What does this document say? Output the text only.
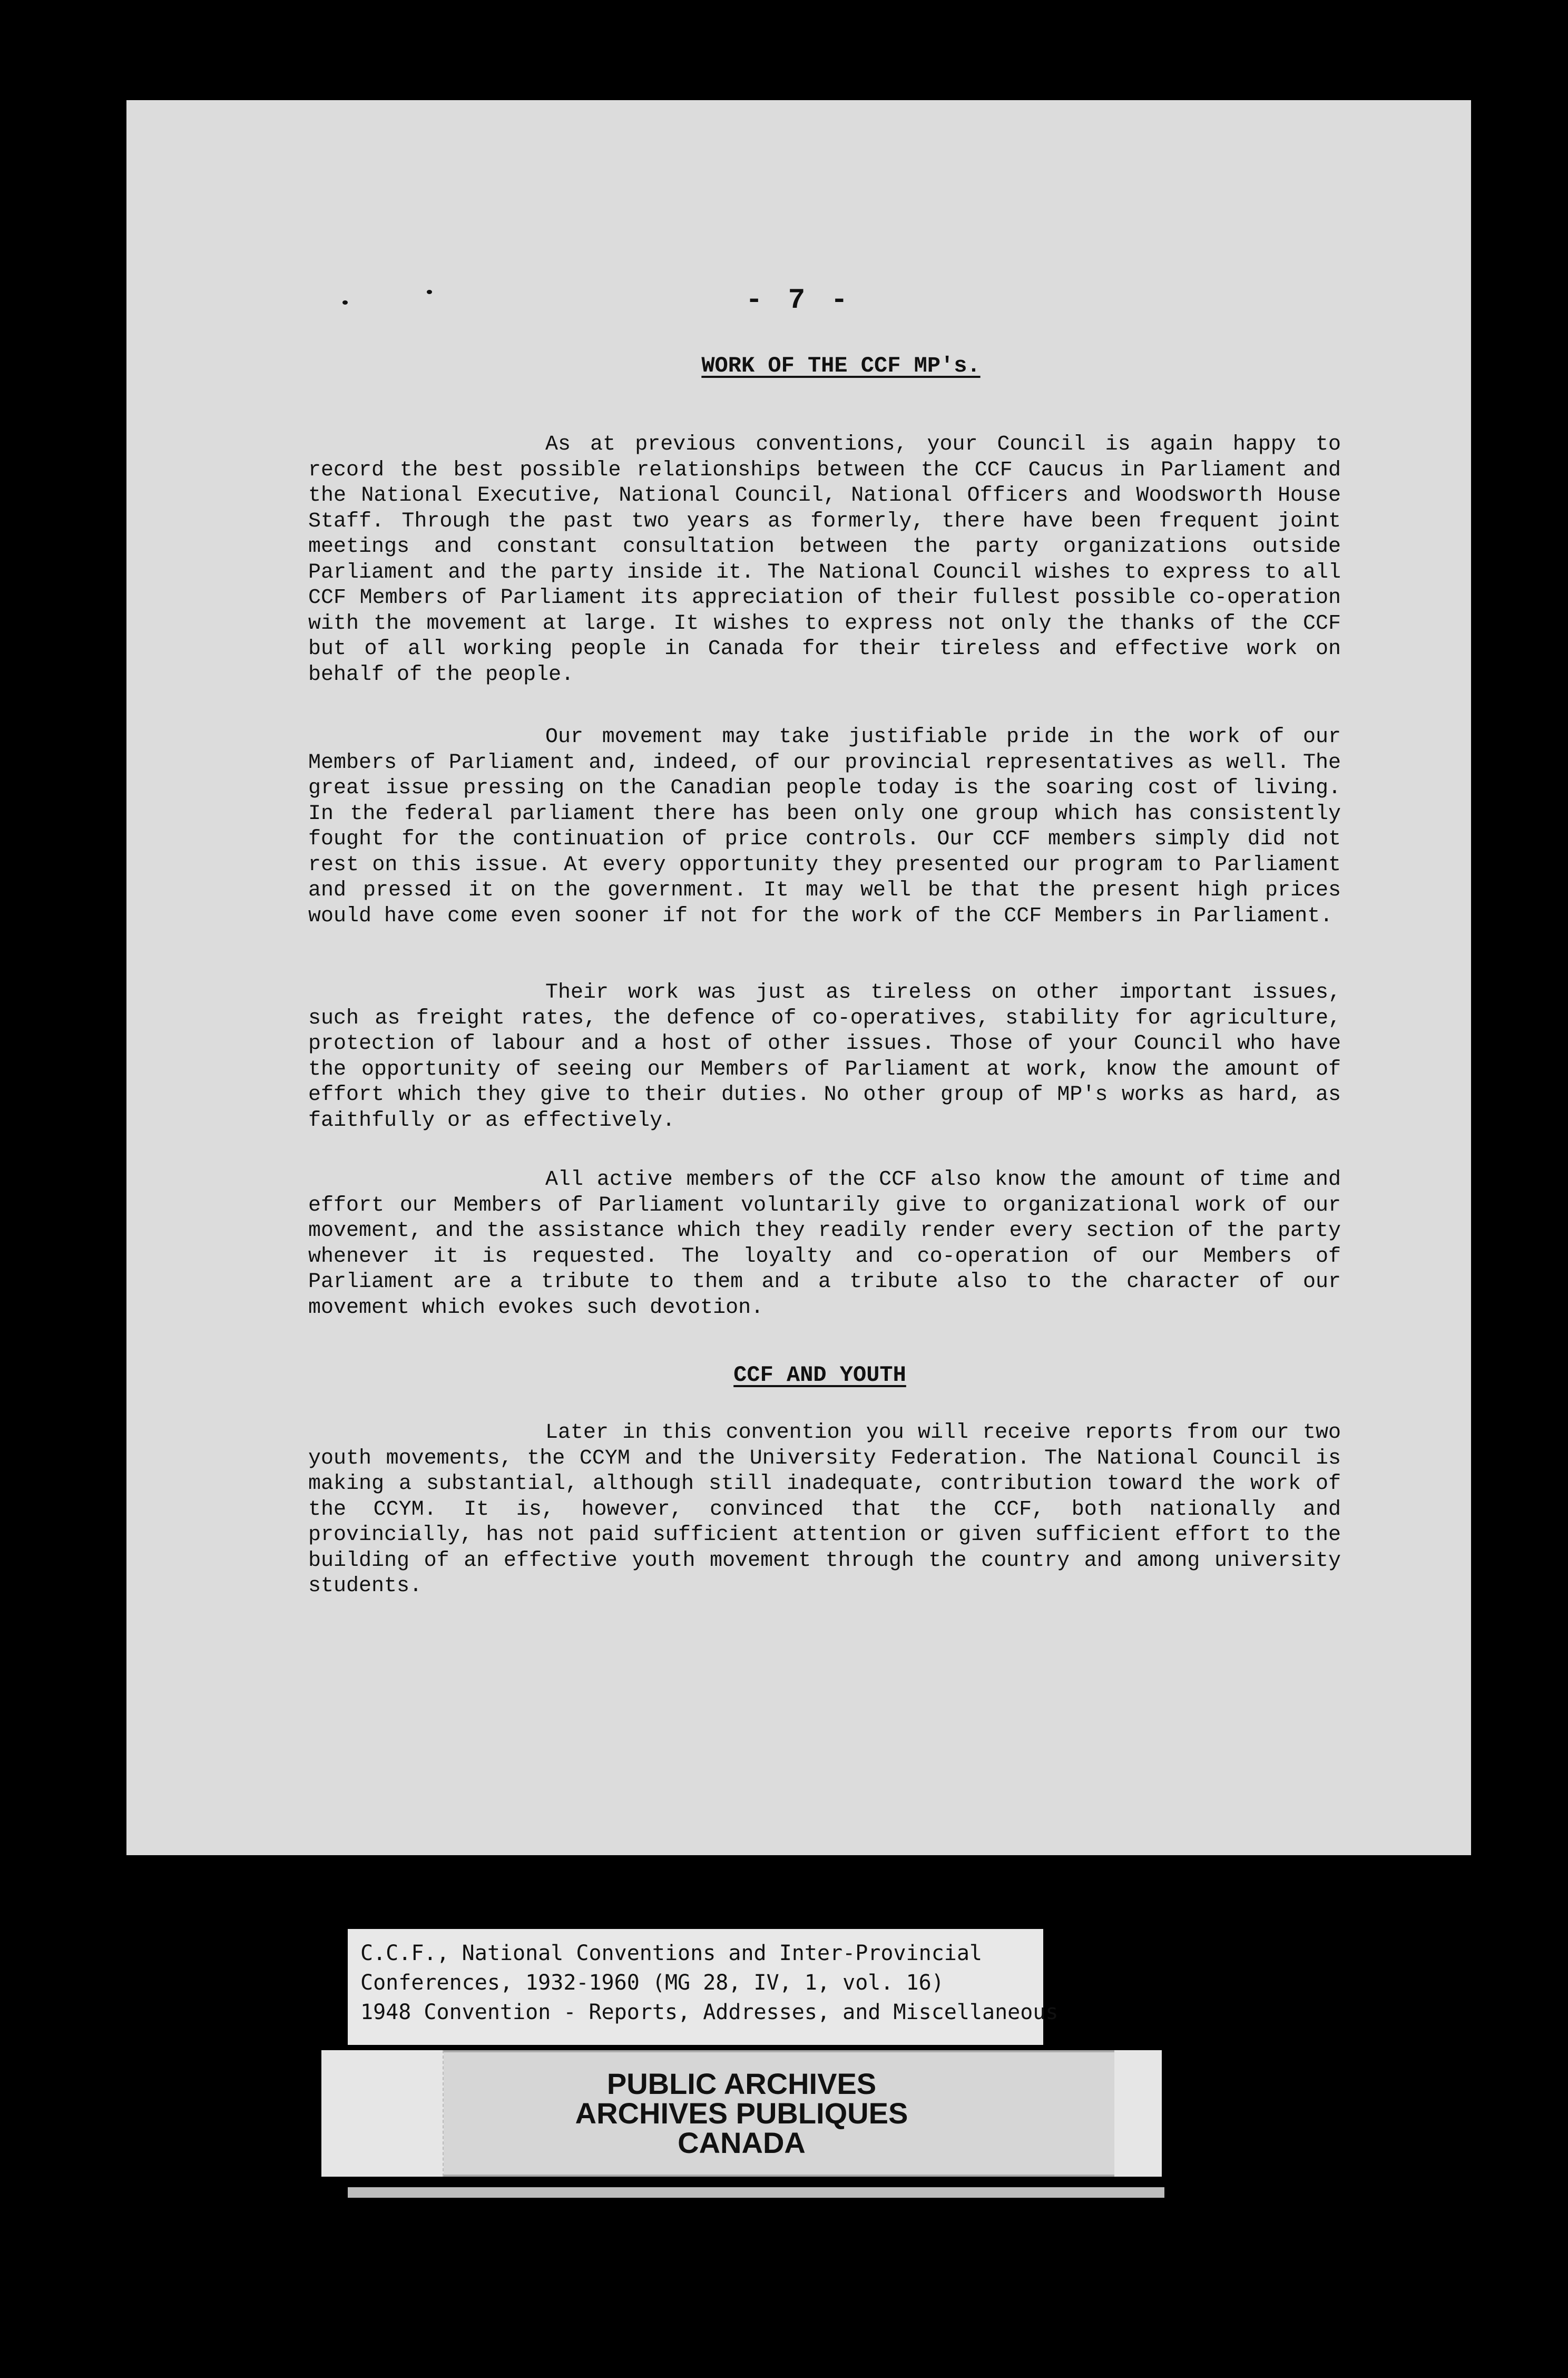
- 7 -
WORK OF THE CCF MP's.

As at previous conventions, your Council is again happy to record the best possible relationships between the CCF Caucus in Parliament and the National Executive, National Council, National Officers and Woodsworth House Staff. Through the past two years as formerly, there have been frequent joint meetings and constant consultation between the party organizations outside Parliament and the party inside it. The National Council wishes to express to all CCF Members of Parliament its appreciation of their fullest possible co-operation with the movement at large. It wishes to express not only the thanks of the CCF but of all working people in Canada for their tireless and effective work on behalf of the people.

Our movement may take justifiable pride in the work of our Members of Parliament and, indeed, of our provincial representatives as well. The great issue pressing on the Canadian people today is the soaring cost of living. In the federal parliament there has been only one group which has consistently fought for the continuation of price controls. Our CCF members simply did not rest on this issue. At every opportunity they presented our program to Parliament and pressed it on the government. It may well be that the present high prices would have come even sooner if not for the work of the CCF Members in Parliament.

Their work was just as tireless on other important issues, such as freight rates, the defence of co-operatives, stability for agriculture, protection of labour and a host of other issues. Those of your Council who have the opportunity of seeing our Members of Parliament at work, know the amount of effort which they give to their duties. No other group of MP's works as hard, as faithfully or as effectively.

All active members of the CCF also know the amount of time and effort our Members of Parliament voluntarily give to organizational work of our movement, and the assistance which they readily render every section of the party whenever it is requested. The loyalty and co-operation of our Members of Parliament are a tribute to them and a tribute also to the character of our movement which evokes such devotion.

CCF AND YOUTH

Later in this convention you will receive reports from our two youth movements, the CCYM and the University Federation. The National Council is making a substantial, although still inadequate, contribution toward the work of the CCYM. It is, however, convinced that the CCF, both nationally and provincially, has not paid sufficient attention or given sufficient effort to the building of an effective youth movement through the country and among university students.

C.C.F., National Conventions and Inter-Provincial
Conferences, 1932-1960 (MG 28, IV, 1, vol. 16)
1948 Convention - Reports, Addresses, and Miscellaneous
PUBLIC ARCHIVES
ARCHIVES PUBLIQUES
CANADA
